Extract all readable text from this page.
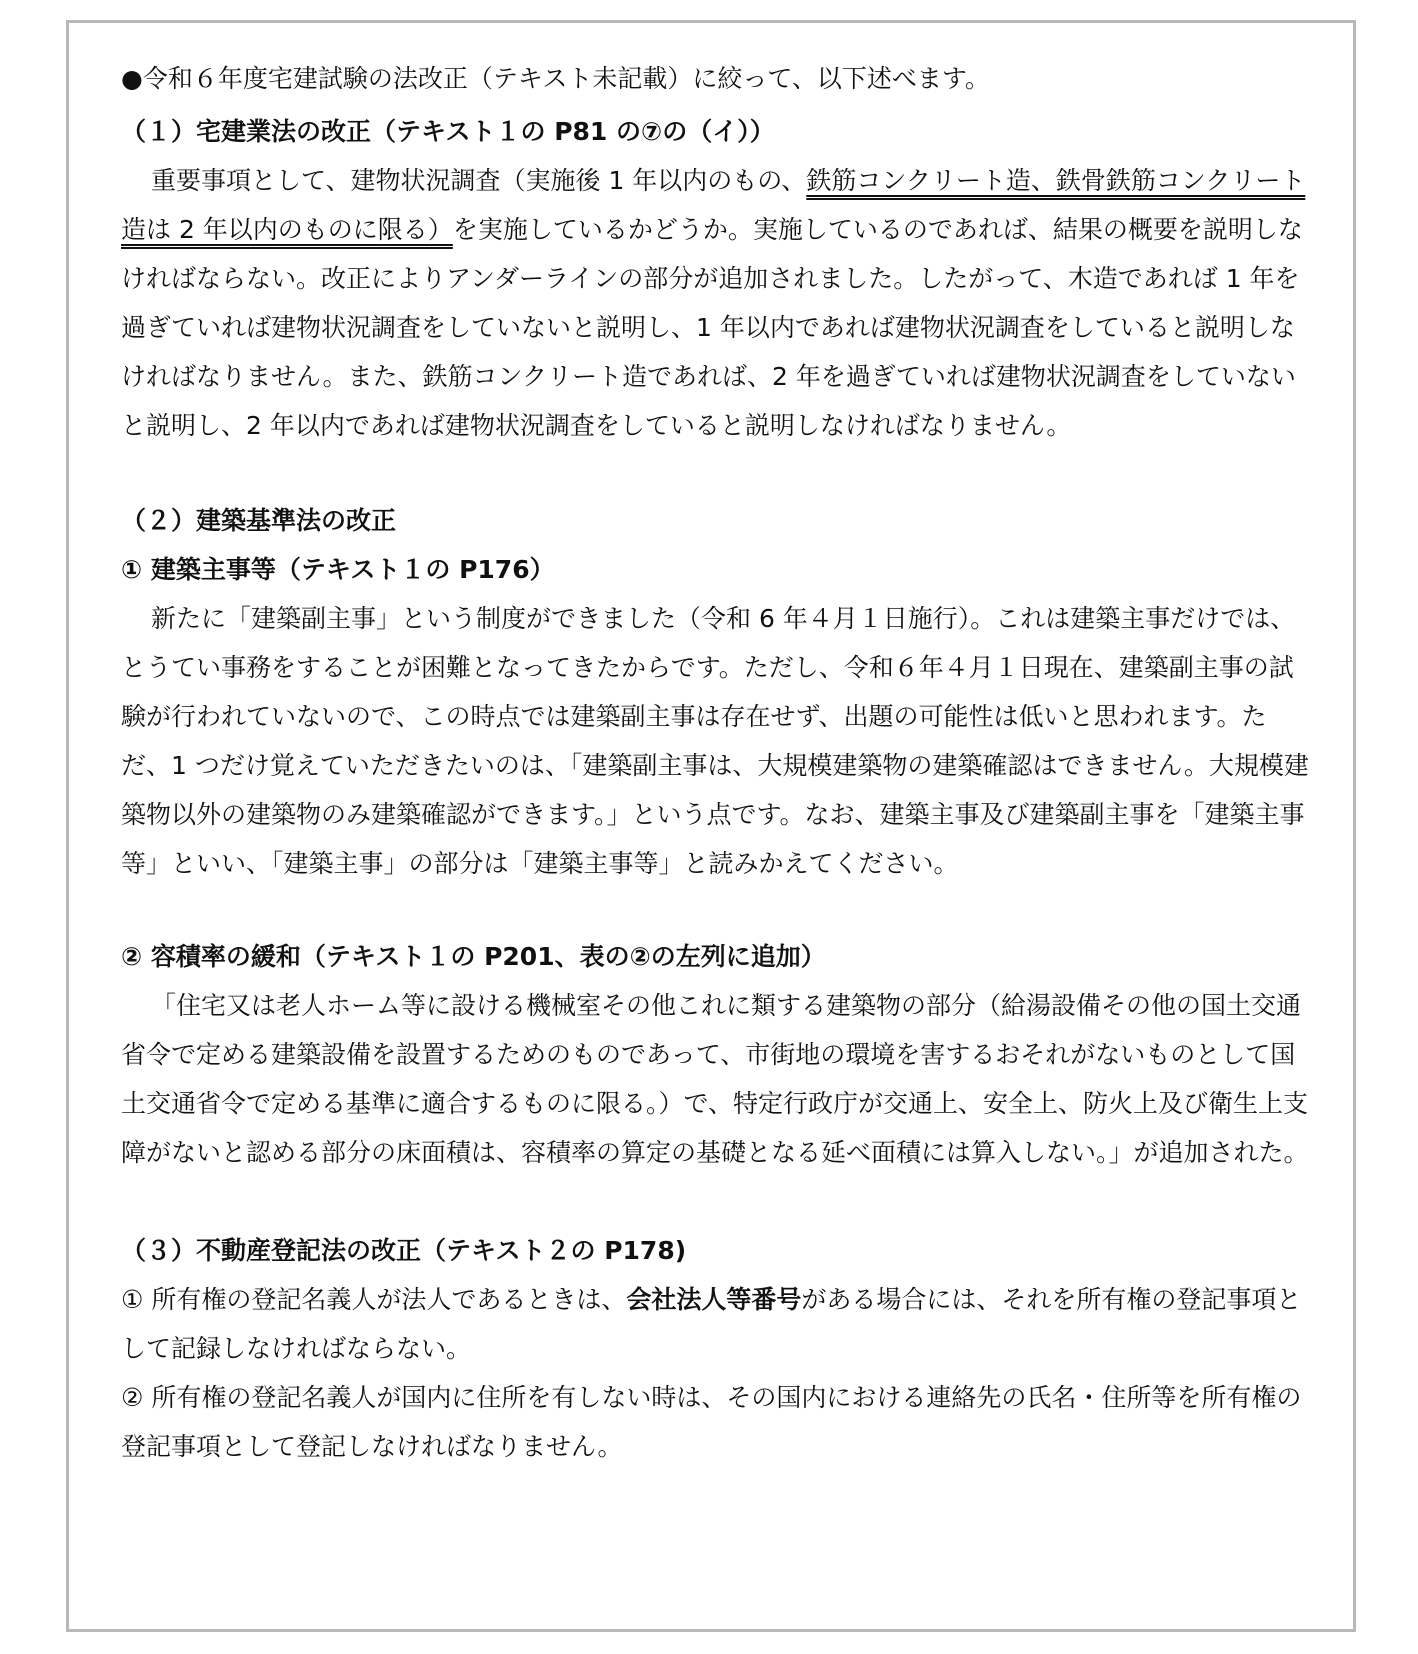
●令和６年度宅建試験の法改正（テキスト未記載）に絞って、以下述べます。

（１）宅建業法の改正（テキスト１の P81 の⑦の（イ））

重要事項として、建物状況調査（実施後 1 年以内のもの、鉄筋コンクリート造、鉄骨鉄筋コンクリート造は 2 年以内のものに限る）を実施しているかどうか。実施しているのであれば、結果の概要を説明しなければならない。改正によりアンダーラインの部分が追加されました。したがって、木造であれば 1 年を過ぎていれば建物状況調査をしていないと説明し、1 年以内であれば建物状況調査をしていると説明しなければなりません。また、鉄筋コンクリート造であれば、2 年を過ぎていれば建物状況調査をしていないと説明し、2 年以内であれば建物状況調査をしていると説明しなければなりません。

（２）建築基準法の改正

① 建築主事等（テキスト１の P176）

新たに「建築副主事」という制度ができました（令和 6 年４月１日施行）。これは建築主事だけでは、とうてい事務をすることが困難となってきたからです。ただし、令和６年４月１日現在、建築副主事の試験が行われていないので、この時点では建築副主事は存在せず、出題の可能性は低いと思われます。ただ、1 つだけ覚えていただきたいのは、「建築副主事は、大規模建築物の建築確認はできません。大規模建築物以外の建築物のみ建築確認ができます。」という点です。なお、建築主事及び建築副主事を「建築主事等」といい、「建築主事」の部分は「建築主事等」と読みかえてください。

② 容積率の緩和（テキスト１の P201、表の②の左列に追加）

「住宅又は老人ホーム等に設ける機械室その他これに類する建築物の部分（給湯設備その他の国土交通省令で定める建築設備を設置するためのものであって、市街地の環境を害するおそれがないものとして国土交通省令で定める基準に適合するものに限る。）で、特定行政庁が交通上、安全上、防火上及び衛生上支障がないと認める部分の床面積は、容積率の算定の基礎となる延べ面積には算入しない。」が追加された。

（３）不動産登記法の改正（テキスト２の P178)

① 所有権の登記名義人が法人であるときは、会社法人等番号がある場合には、それを所有権の登記事項として記録しなければならない。

② 所有権の登記名義人が国内に住所を有しない時は、その国内における連絡先の氏名・住所等を所有権の登記事項として登記しなければなりません。
